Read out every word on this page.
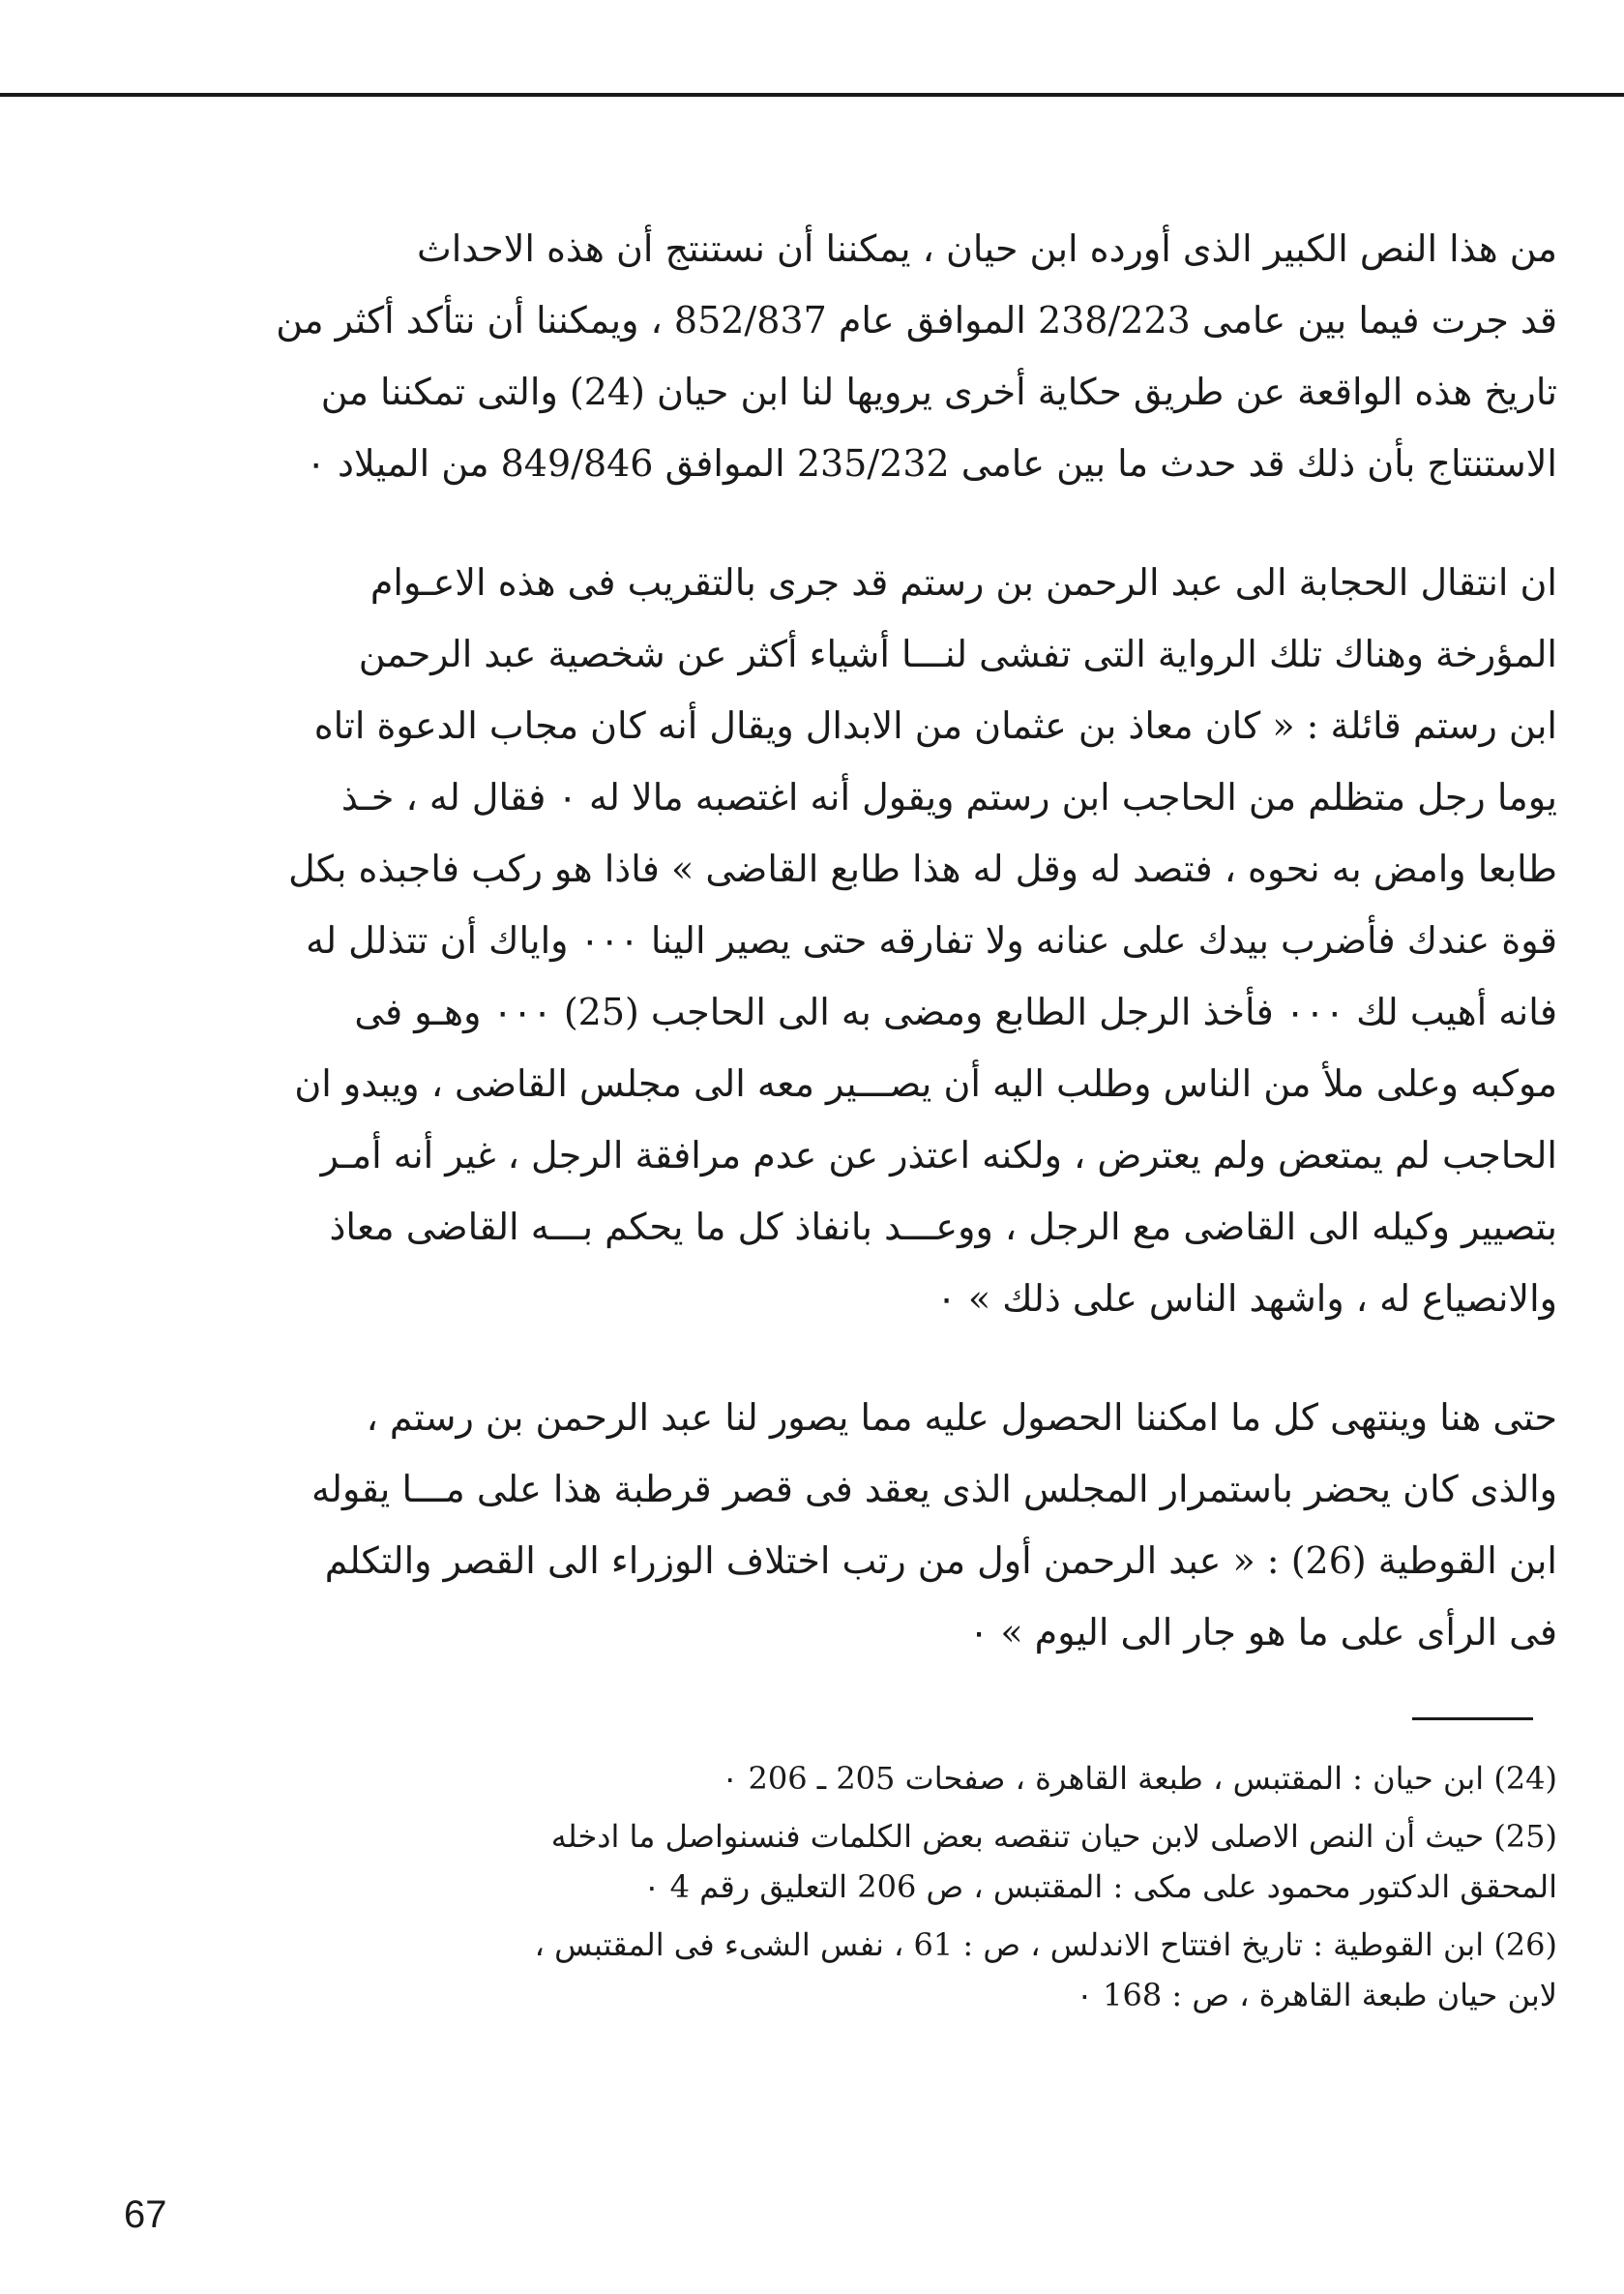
من هذا النص الكبير الذى أورده ابن حيان ، يمكننا أن نستنتج أن هذه الاحداث
قد جرت فيما بين عامى 238/223 الموافق عام 852/837 ، ويمكننا أن نتأكد أكثر من
تاريخ هذه الواقعة عن طريق حكاية أخرى يرويها لنا ابن حيان (24) والتى تمكننا من
الاستنتاج بأن ذلك قد حدث ما بين عامى 235/232 الموافق 849/846 من الميلاد ٠
ان انتقال الحجابة الى عبد الرحمن بن رستم قد جرى بالتقريب فى هذه الاعـوام
المؤرخة وهناك تلك الرواية التى تفشى لنـــا أشياء أكثر عن شخصية عبد الرحمن
ابن رستم قائلة : « كان معاذ بن عثمان من الابدال ويقال أنه كان مجاب الدعوة اتاه
يوما رجل متظلم من الحاجب ابن رستم ويقول أنه اغتصبه مالا له ٠ فقال له ، خـذ
طابعا وامض به نحوه ، فتصد له وقل له هذا طابع القاضى » فاذا هو ركب فاجبذه بكل
قوة عندك فأضرب بيدك على عنانه ولا تفارقه حتى يصير الينا ٠٠٠ واياك أن تتذلل له
فانه أهيب لك ٠٠٠ فأخذ الرجل الطابع ومضى به الى الحاجب (25) ٠٠٠ وهـو فى
موكبه وعلى ملأ من الناس وطلب اليه أن يصـــير معه الى مجلس القاضى ، ويبدو ان
الحاجب لم يمتعض ولم يعترض ، ولكنه اعتذر عن عدم مرافقة الرجل ، غير أنه أمـر
بتصيير وكيله الى القاضى مع الرجل ، ووعـــد بانفاذ كل ما يحكم بـــه القاضى معاذ
والانصياع له ، واشهد الناس على ذلك » ٠
حتى هنا وينتهى كل ما امكننا الحصول عليه مما يصور لنا عبد الرحمن بن رستم ،
والذى كان يحضر باستمرار المجلس الذى يعقد فى قصر قرطبة هذا على مـــا يقوله
ابن القوطية (26) : « عبد الرحمن أول من رتب اختلاف الوزراء الى القصر والتكلم
فى الرأى على ما هو جار الى اليوم » ٠
(24) ابن حيان : المقتبس ، طبعة القاهرة ، صفحات 205 ـ 206 ٠
(25) حيث أن النص الاصلى لابن حيان تنقصه بعض الكلمات فنسنواصل ما ادخله
المحقق الدكتور محمود على مكى : المقتبس ، ص 206 التعليق رقم 4 ٠
(26) ابن القوطية : تاريخ افتتاح الاندلس ، ص : 61 ، نفس الشىء فى المقتبس ،
لابن حيان طبعة القاهرة ، ص : 168 ٠
67
